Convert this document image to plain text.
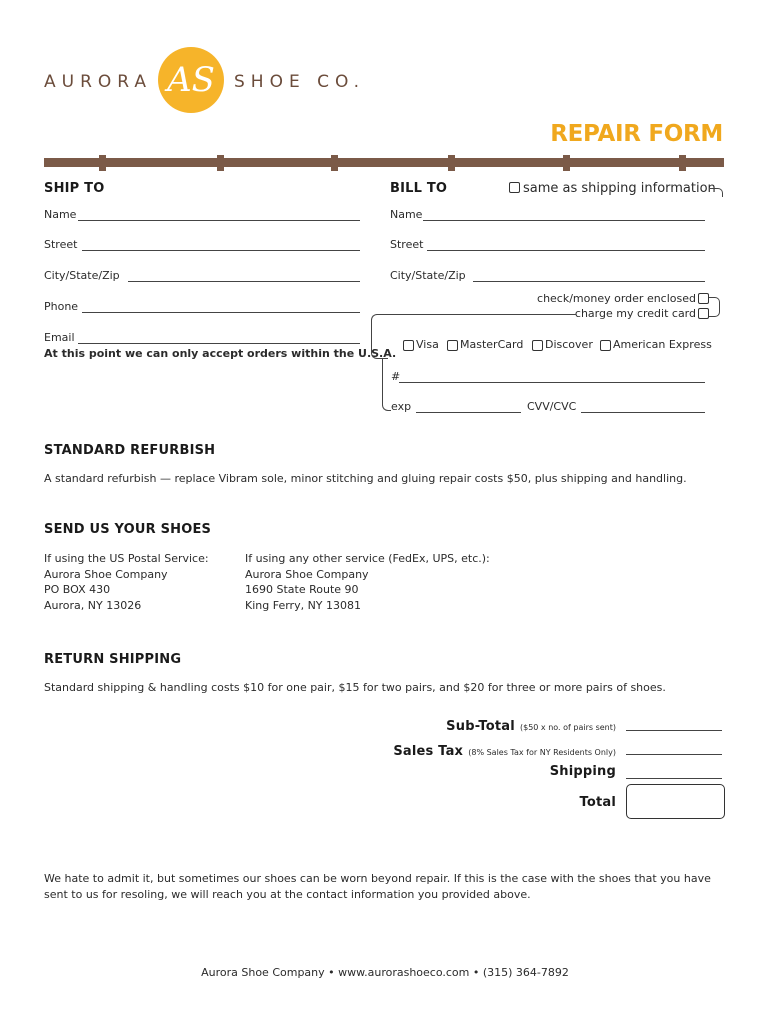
AURORA AS	SHOE CO.
REPAIR FORM
SHIP TO
Name
Street
City/State/Zip
Phone
Email
At this point we can only accept orders within the U.S.A.
BILL TO	same as shipping information
Name
Street
City/State/Zip
check/money order enclosed
charge my credit card
Visa MasterCard Discover American Express
#
exp	CVV/CVC
STANDARD REFURBISH
A standard refurbish — replace Vibram sole, minor stitching and gluing repair costs $50, plus shipping and handling.
SEND US YOUR SHOES
If using the US Postal Service:
Aurora Shoe Company
PO BOX 430
Aurora, NY 13026
If using any other service (FedEx, UPS, etc.):
Aurora Shoe Company
1690 State Route 90
King Ferry, NY 13081
RETURN SHIPPING
Standard shipping & handling costs $10 for one pair, $15 for two pairs, and $20 for three or more pairs of shoes.
Sub-Total ($50 x no. of pairs sent)
Sales Tax (8% Sales Tax for NY Residents Only)
Shipping
Total
We hate to admit it, but sometimes our shoes can be worn beyond repair. If this is the case with the shoes that you have sent to us for resoling, we will reach you at the contact information you provided above.
Aurora Shoe Company • www.aurorashoeco.com • (315) 364-7892
